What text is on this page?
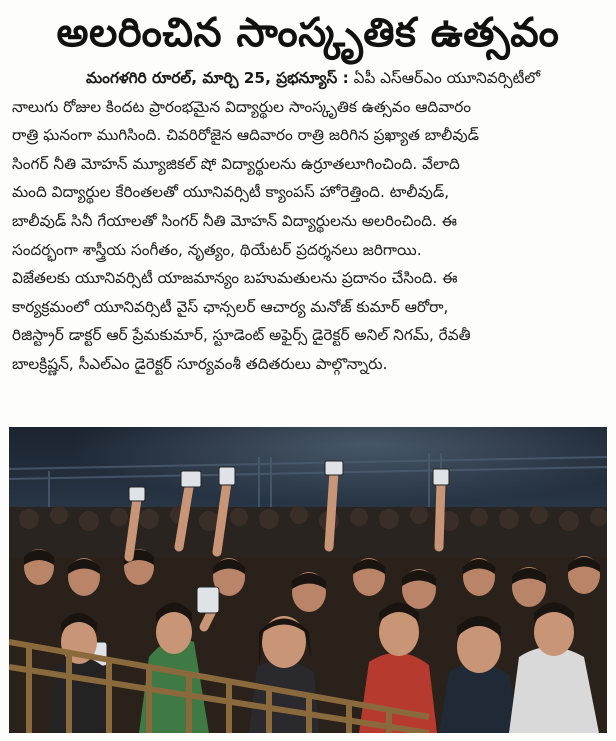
అలరించిన సాంస్కృతిక ఉత్సవం
మంగళగిరి రూరల్, మార్చి 25, ప్రభన్యూస్ : ఏపీ ఎస్ఆర్ఎం యూనివర్సిటీలో
నాలుగు రోజుల కిందట ప్రారంభమైన విద్యార్థుల సాంస్కృతిక ఉత్సవం ఆదివారం
రాత్రి ఘనంగా ముగిసింది. చివరిరోజైన ఆదివారం రాత్రి జరిగిన ప్రఖ్యాత బాలీవుడ్
సింగర్ నీతి మోహన్ మ్యూజికల్ షో విద్యార్థులను ఉర్రూతలూగించింది. వేలాది
మంది విద్యార్థుల కేరింతలతో యూనివర్సిటీ క్యాంపస్ హోరెత్తింది. టాలీవుడ్,
బాలీవుడ్ సినీ గేయాలతో సింగర్ నీతి మోహన్ విద్యార్థులను అలరించింది. ఈ
సందర్భంగా శాస్త్రీయ సంగీతం, నృత్యం, థియేటర్ ప్రదర్శనలు జరిగాయి.
విజేతలకు యూనివర్సిటీ యాజమాన్యం బహుమతులను ప్రదానం చేసింది. ఈ
కార్యక్రమంలో యూనివర్సిటీ వైస్ ఛాన్సలర్ ఆచార్య మనోజ్ కుమార్ ఆరోరా,
రిజిస్ట్రార్ డాక్టర్ ఆర్ ప్రేమకుమార్, స్టూడెంట్ అఫైర్స్ డైరెక్టర్ అనిల్ నిగమ్, రేవతీ
బాలక్రిష్ణన్, సీఎల్ఎం డైరెక్టర్ సూర్యవంశీ తదితరులు పాల్గొన్నారు.
